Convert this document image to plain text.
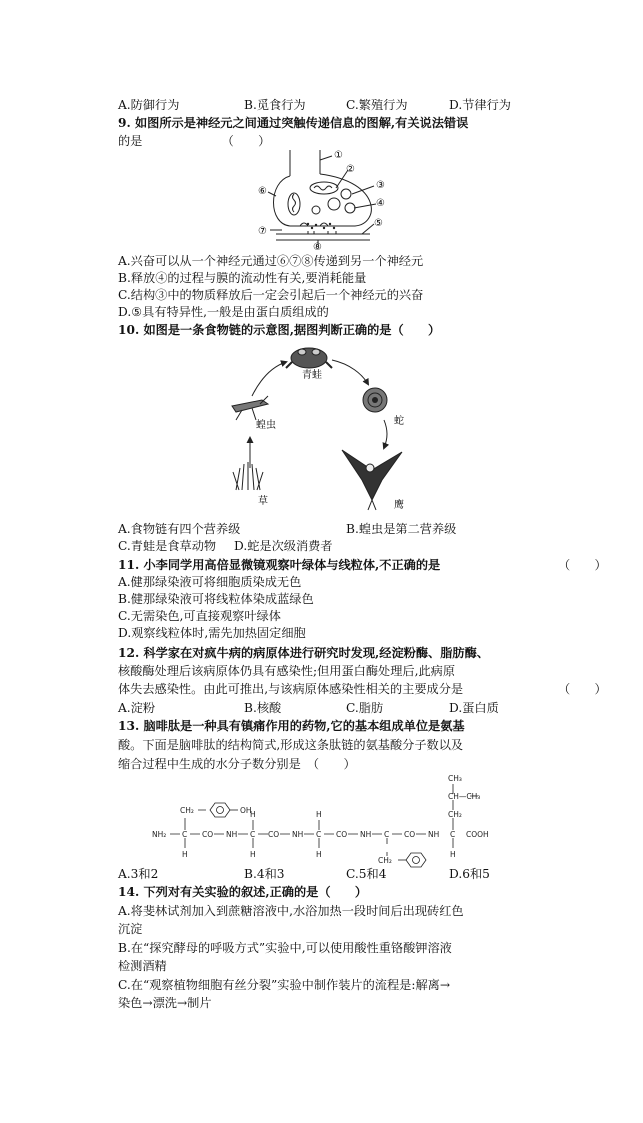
A.防御行为	B.觅食行为	C.繁殖行为	D.节律行为
9. 如图所示是神经元之间通过突触传递信息的图解,有关说法错误
的是　　　　　　　（　　）
①
②
③
④
⑤
⑥
⑦
⑧
A.兴奋可以从一个神经元通过⑥⑦⑧传递到另一个神经元
B.释放④的过程与膜的流动性有关,要消耗能量
C.结构③中的物质释放后一定会引起后一个神经元的兴奋
D.⑤具有特异性,一般是由蛋白质组成的
10. 如图是一条食物链的示意图,据图判断正确的是（　　）
青蛙
蛇
鹰
草
蝗虫
A.食物链有四个营养级	B.蝗虫是第二营养级
C.青蛙是食草动物 D.蛇是次级消费者
11. 小李同学用高倍显微镜观察叶绿体与线粒体,不正确的是	（　　）
A.健那绿染液可将细胞质染成无色
B.健那绿染液可将线粒体染成蓝绿色
C.无需染色,可直接观察叶绿体
D.观察线粒体时,需先加热固定细胞
12. 科学家在对疯牛病的病原体进行研究时发现,经淀粉酶、脂肪酶、
核酸酶处理后该病原体仍具有感染性;但用蛋白酶处理后,此病原
体失去感染性。由此可推出,与该病原体感染性相关的主要成分是	（　　）
A.淀粉	B.核酸	C.脂肪	D.蛋白质
13. 脑啡肽是一种具有镇痛作用的药物,它的基本组成单位是氨基
酸。下面是脑啡肽的结构简式,形成这条肽链的氨基酸分子数以及
缩合过程中生成的水分子数分别是　（　　）
NH₂ C CO NH C CO NH C CO NH C CO NH C COOH
H	H
H
H
H
H
CH₂	OH
CH₂
CH₃
CH—CH₃
CH₂
A.3和2	B.4和3	C.5和4	D.6和5
14. 下列对有关实验的叙述,正确的是（　　）
A.将斐林试剂加入到蔗糖溶液中,水浴加热一段时间后出现砖红色
沉淀
B.在“探究酵母的呼吸方式”实验中,可以使用酸性重铬酸钾溶液
检测酒精
C.在“观察植物细胞有丝分裂”实验中制作装片的流程是:解离→
染色→漂洗→制片
